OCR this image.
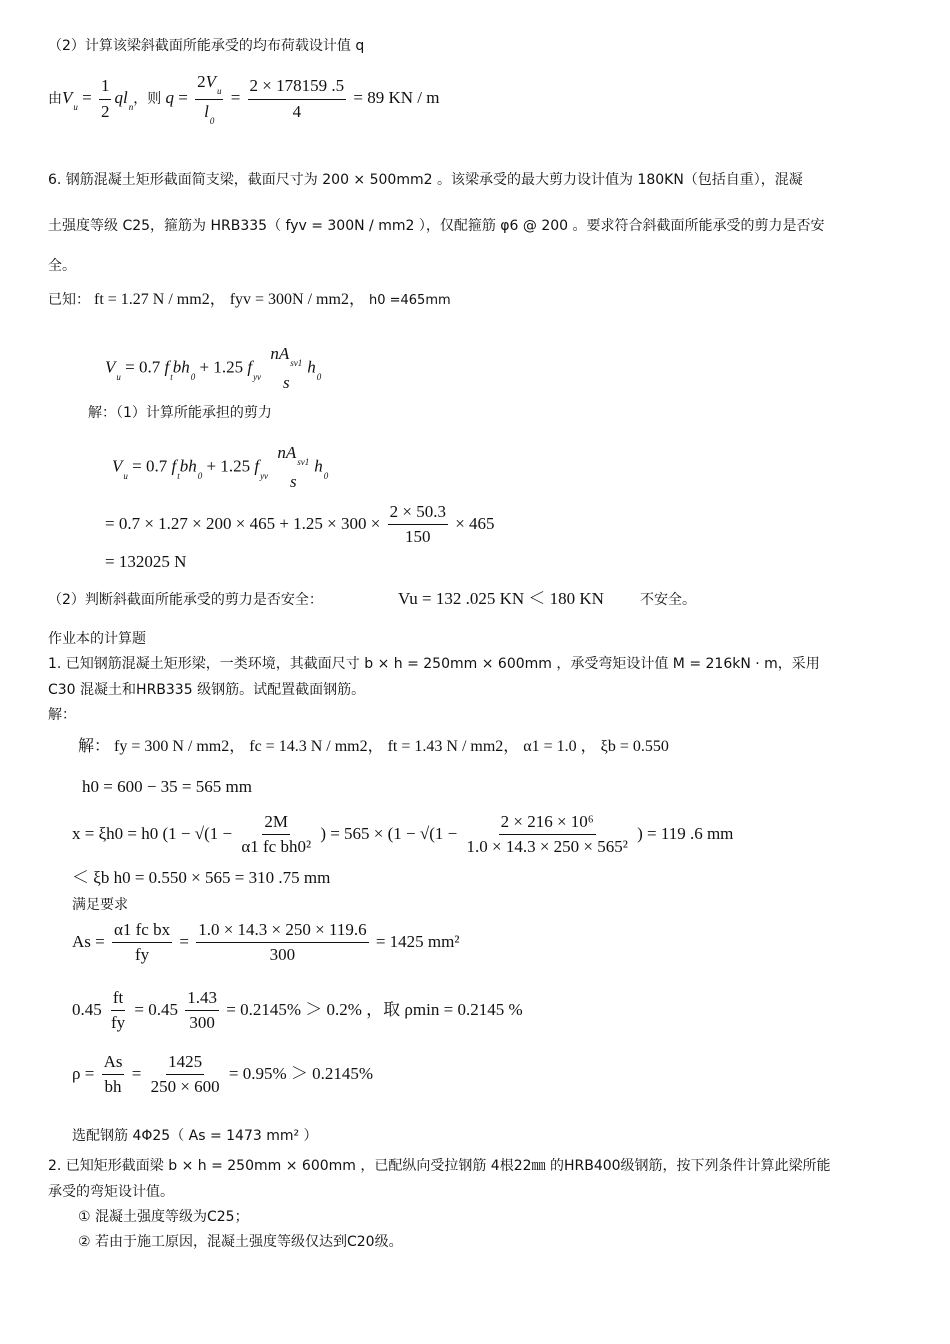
（2）计算该梁斜截面所能承受的均布荷载设计值 q
由$V_u = \frac{1}{2} ql_n$，则 $q = \frac{2V_u}{l_0} = \frac{2 \times 178159 .5}{4} = 89$ KN / m
6. 钢筋混凝土矩形截面简支梁，截面尺寸为 200 × 500mm2 。该梁承受的最大剪力设计值为 180KN（包括自重），混凝
土强度等级 C25，箍筋为 HRB335（ fyv = 300N / mm2 ），仅配箍筋 φ6 @ 200 。要求符合斜截面所能承受的剪力是否安
全。
已知： ft = 1.27 N / mm2， fyv = 300N / mm2， h0 =465mm
$V_u = 0.7$ $f_tbh_0 + 1.25$ $f_{yv}$
$nA_{sv1}$
s
$h_0$
解：（1）计算所能承担的剪力
$V_u = 0.7$ $f_tbh_0 + 1.25$ $f_{yv}$
$nA_{sv1}$
s
$h_0$
= $0.7 \times 1.27 \times 200 \times 465 + 1.25 \times 300 \times \frac{2 \times 50.3}{150} \times 465$
= 132025 N
（2）判断斜截面所能承受的剪力是否安全：	Vu = 132 .025 KN ＜ 180 KN	不安全。
作业本的计算题
1. 已知钢筋混凝土矩形梁，一类环境，其截面尺寸 b × h = 250mm × 600mm ，承受弯矩设计值 M = 216kN · m，采用
C30 混凝土和HRB335 级钢筋。试配置截面钢筋。
解：
解： fy = 300 N / mm2， fc = 14.3 N / mm2， ft = 1.43 N / mm2， α1 = 1.0 ， ξb = 0.550
h0 = 600 − 35 = 565 mm
x = ξh0 = h0 ($1 - √(1 - \frac{2M}{\text{α1 fc bh0²}}$ ) = $565 \times (1 - √(1 - \frac{\text{2 × 216 × 10⁶}}{\text{1.0 × 14.3 × 250 × 565²}}$ ) = 119 .6 mm
＜ ξb h0 = 0.550 × 565 = 310 .75 mm
满足要求
$As = \frac{\text{α1 fc bx}}{fy} = \frac{1.0 \times 14.3 \times 250 \times 119.6}{300} = 1425$ mm²
$0.45 \frac{ft}{fy} = 0.45 \frac{1.43}{300} = 0.2145\% > 0.2\%$ ，取 ρmin = 0.2145 %
$\rho = \frac{As}{bh} = \frac{1425}{250 \times 600} = 0.95\% > 0.2145\%$
选配钢筋 4Φ25（ As = 1473 mm² ）
2. 已知矩形截面梁 b × h = 250mm × 600mm ，已配纵向受拉钢筋 4根22㎜ 的HRB400级钢筋，按下列条件计算此梁所能
承受的弯矩设计值。
① 混凝土强度等级为C25；
② 若由于施工原因，混凝土强度等级仅达到C20级。
